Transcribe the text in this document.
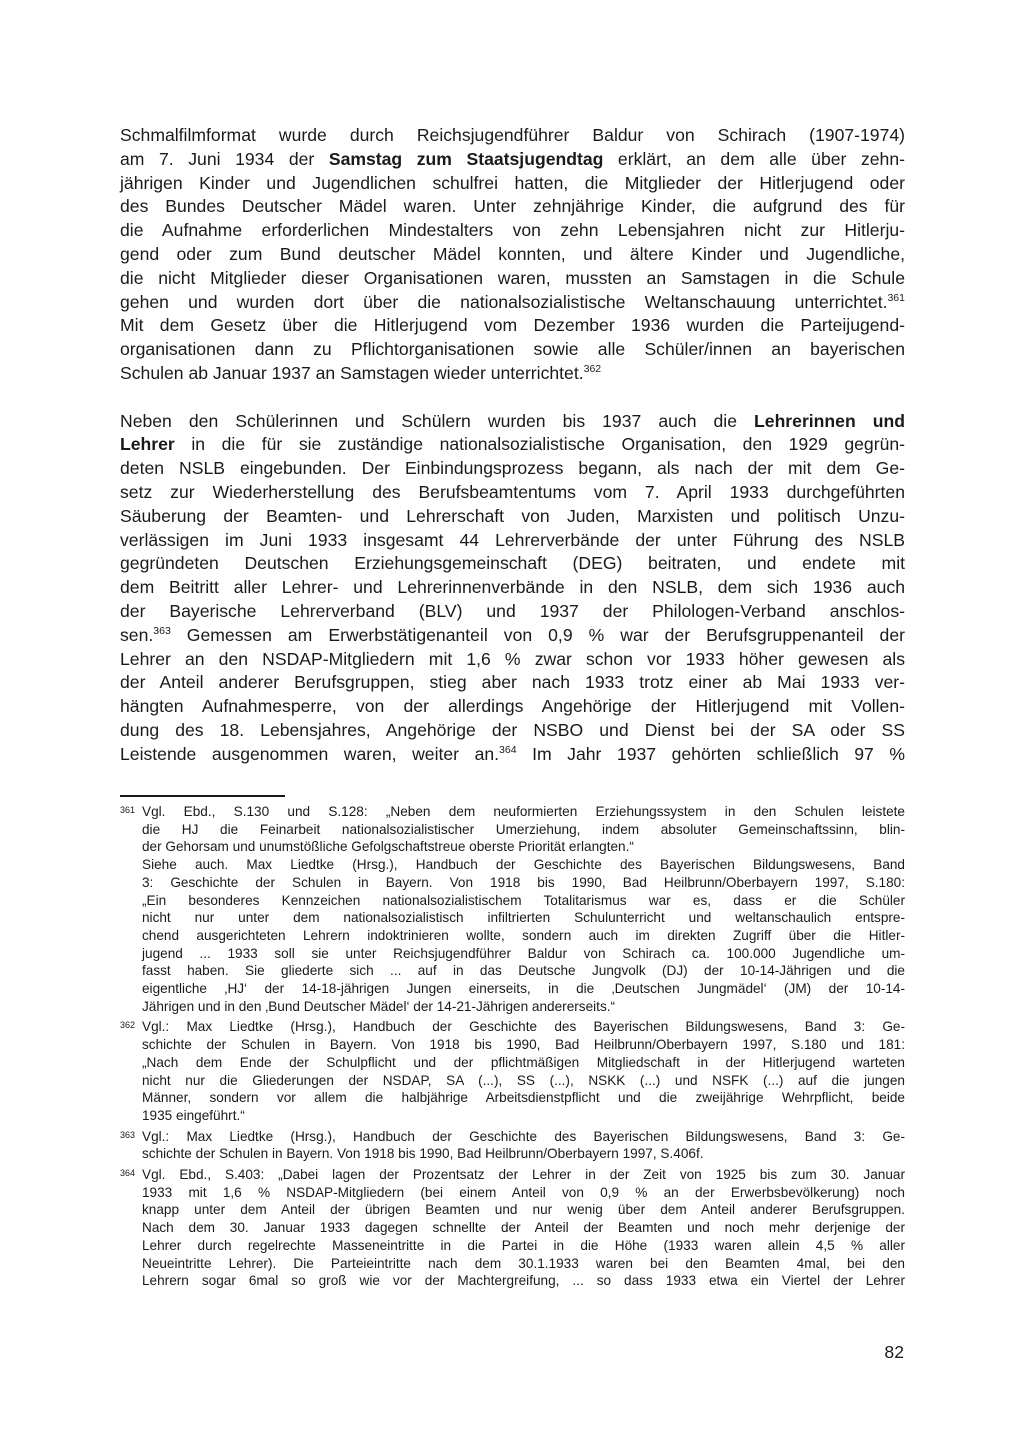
Schmalfilmformat wurde durch Reichsjugendführer Baldur von Schirach (1907-1974)
am 7. Juni 1934 der Samstag zum Staatsjugendtag erklärt, an dem alle über zehn-
jährigen Kinder und Jugendlichen schulfrei hatten, die Mitglieder der Hitlerjugend oder
des Bundes Deutscher Mädel waren. Unter zehnjährige Kinder, die aufgrund des für
die Aufnahme erforderlichen Mindestalters von zehn Lebensjahren nicht zur Hitlerju-
gend oder zum Bund deutscher Mädel konnten, und ältere Kinder und Jugendliche,
die nicht Mitglieder dieser Organisationen waren, mussten an Samstagen in die Schule
gehen und wurden dort über die nationalsozialistische Weltanschauung unterrichtet.$^{361}$
Mit dem Gesetz über die Hitlerjugend vom Dezember 1936 wurden die Parteijugend-
organisationen dann zu Pflichtorganisationen sowie alle Schüler/innen an bayerischen
Schulen ab Januar 1937 an Samstagen wieder unterrichtet.$^{362}$
Neben den Schülerinnen und Schülern wurden bis 1937 auch die Lehrerinnen und
Lehrer in die für sie zuständige nationalsozialistische Organisation, den 1929 gegrün-
deten NSLB eingebunden. Der Einbindungsprozess begann, als nach der mit dem Ge-
setz zur Wiederherstellung des Berufsbeamtentums vom 7. April 1933 durchgeführten
Säuberung der Beamten- und Lehrerschaft von Juden, Marxisten und politisch Unzu-
verlässigen im Juni 1933 insgesamt 44 Lehrerverbände der unter Führung des NSLB
gegründeten Deutschen Erziehungsgemeinschaft (DEG) beitraten, und endete mit
dem Beitritt aller Lehrer- und Lehrerinnenverbände in den NSLB, dem sich 1936 auch
der Bayerische Lehrerverband (BLV) und 1937 der Philologen-Verband anschlos-
sen.$^{363}$ Gemessen am Erwerbstätigenanteil von 0,9 % war der Berufsgruppenanteil der
Lehrer an den NSDAP-Mitgliedern mit 1,6 % zwar schon vor 1933 höher gewesen als
der Anteil anderer Berufsgruppen, stieg aber nach 1933 trotz einer ab Mai 1933 ver-
hängten Aufnahmesperre, von der allerdings Angehörige der Hitlerjugend mit Vollen-
dung des 18. Lebensjahres, Angehörige der NSBO und Dienst bei der SA oder SS
Leistende ausgenommen waren, weiter an.$^{364}$ Im Jahr 1937 gehörten schließlich 97 %
361 Vgl. Ebd., S.130 und S.128: „Neben dem neuformierten Erziehungssystem in den Schulen leistete
die HJ die Feinarbeit nationalsozialistischer Umerziehung, indem absoluter Gemeinschaftssinn, blin-
der Gehorsam und unumstößliche Gefolgschaftstreue oberste Priorität erlangten.“
Siehe auch. Max Liedtke (Hrsg.), Handbuch der Geschichte des Bayerischen Bildungswesens, Band
3: Geschichte der Schulen in Bayern. Von 1918 bis 1990, Bad Heilbrunn/Oberbayern 1997, S.180:
„Ein besonderes Kennzeichen nationalsozialistischem Totalitarismus war es, dass er die Schüler
nicht nur unter dem nationalsozialistisch infiltrierten Schulunterricht und weltanschaulich entspre-
chend ausgerichteten Lehrern indoktrinieren wollte, sondern auch im direkten Zugriff über die Hitler-
jugend ... 1933 soll sie unter Reichsjugendführer Baldur von Schirach ca. 100.000 Jugendliche um-
fasst haben. Sie gliederte sich ... auf in das Deutsche Jungvolk (DJ) der 10-14-Jährigen und die
eigentliche ‚HJ‘ der 14-18-jährigen Jungen einerseits, in die ‚Deutschen Jungmädel‘ (JM) der 10-14-
Jährigen und in den ‚Bund Deutscher Mädel‘ der 14-21-Jährigen andererseits.“
362 Vgl.: Max Liedtke (Hrsg.), Handbuch der Geschichte des Bayerischen Bildungswesens, Band 3: Ge-
schichte der Schulen in Bayern. Von 1918 bis 1990, Bad Heilbrunn/Oberbayern 1997, S.180 und 181:
„Nach dem Ende der Schulpflicht und der pflichtmäßigen Mitgliedschaft in der Hitlerjugend warteten
nicht nur die Gliederungen der NSDAP, SA (...), SS (...), NSKK (...) und NSFK (...) auf die jungen
Männer, sondern vor allem die halbjährige Arbeitsdienstpflicht und die zweijährige Wehrpflicht, beide
1935 eingeführt.“
363 Vgl.: Max Liedtke (Hrsg.), Handbuch der Geschichte des Bayerischen Bildungswesens, Band 3: Ge-
schichte der Schulen in Bayern. Von 1918 bis 1990, Bad Heilbrunn/Oberbayern 1997, S.406f.
364 Vgl. Ebd., S.403: „Dabei lagen der Prozentsatz der Lehrer in der Zeit von 1925 bis zum 30. Januar
1933 mit 1,6 % NSDAP-Mitgliedern (bei einem Anteil von 0,9 % an der Erwerbsbevölkerung) noch
knapp unter dem Anteil der übrigen Beamten und nur wenig über dem Anteil anderer Berufsgruppen.
Nach dem 30. Januar 1933 dagegen schnellte der Anteil der Beamten und noch mehr derjenige der
Lehrer durch regelrechte Masseneintritte in die Partei in die Höhe (1933 waren allein 4,5 % aller
Neueintritte Lehrer). Die Parteieintritte nach dem 30.1.1933 waren bei den Beamten 4mal, bei den
Lehrern sogar 6mal so groß wie vor der Machtergreifung, ... so dass 1933 etwa ein Viertel der Lehrer
82
